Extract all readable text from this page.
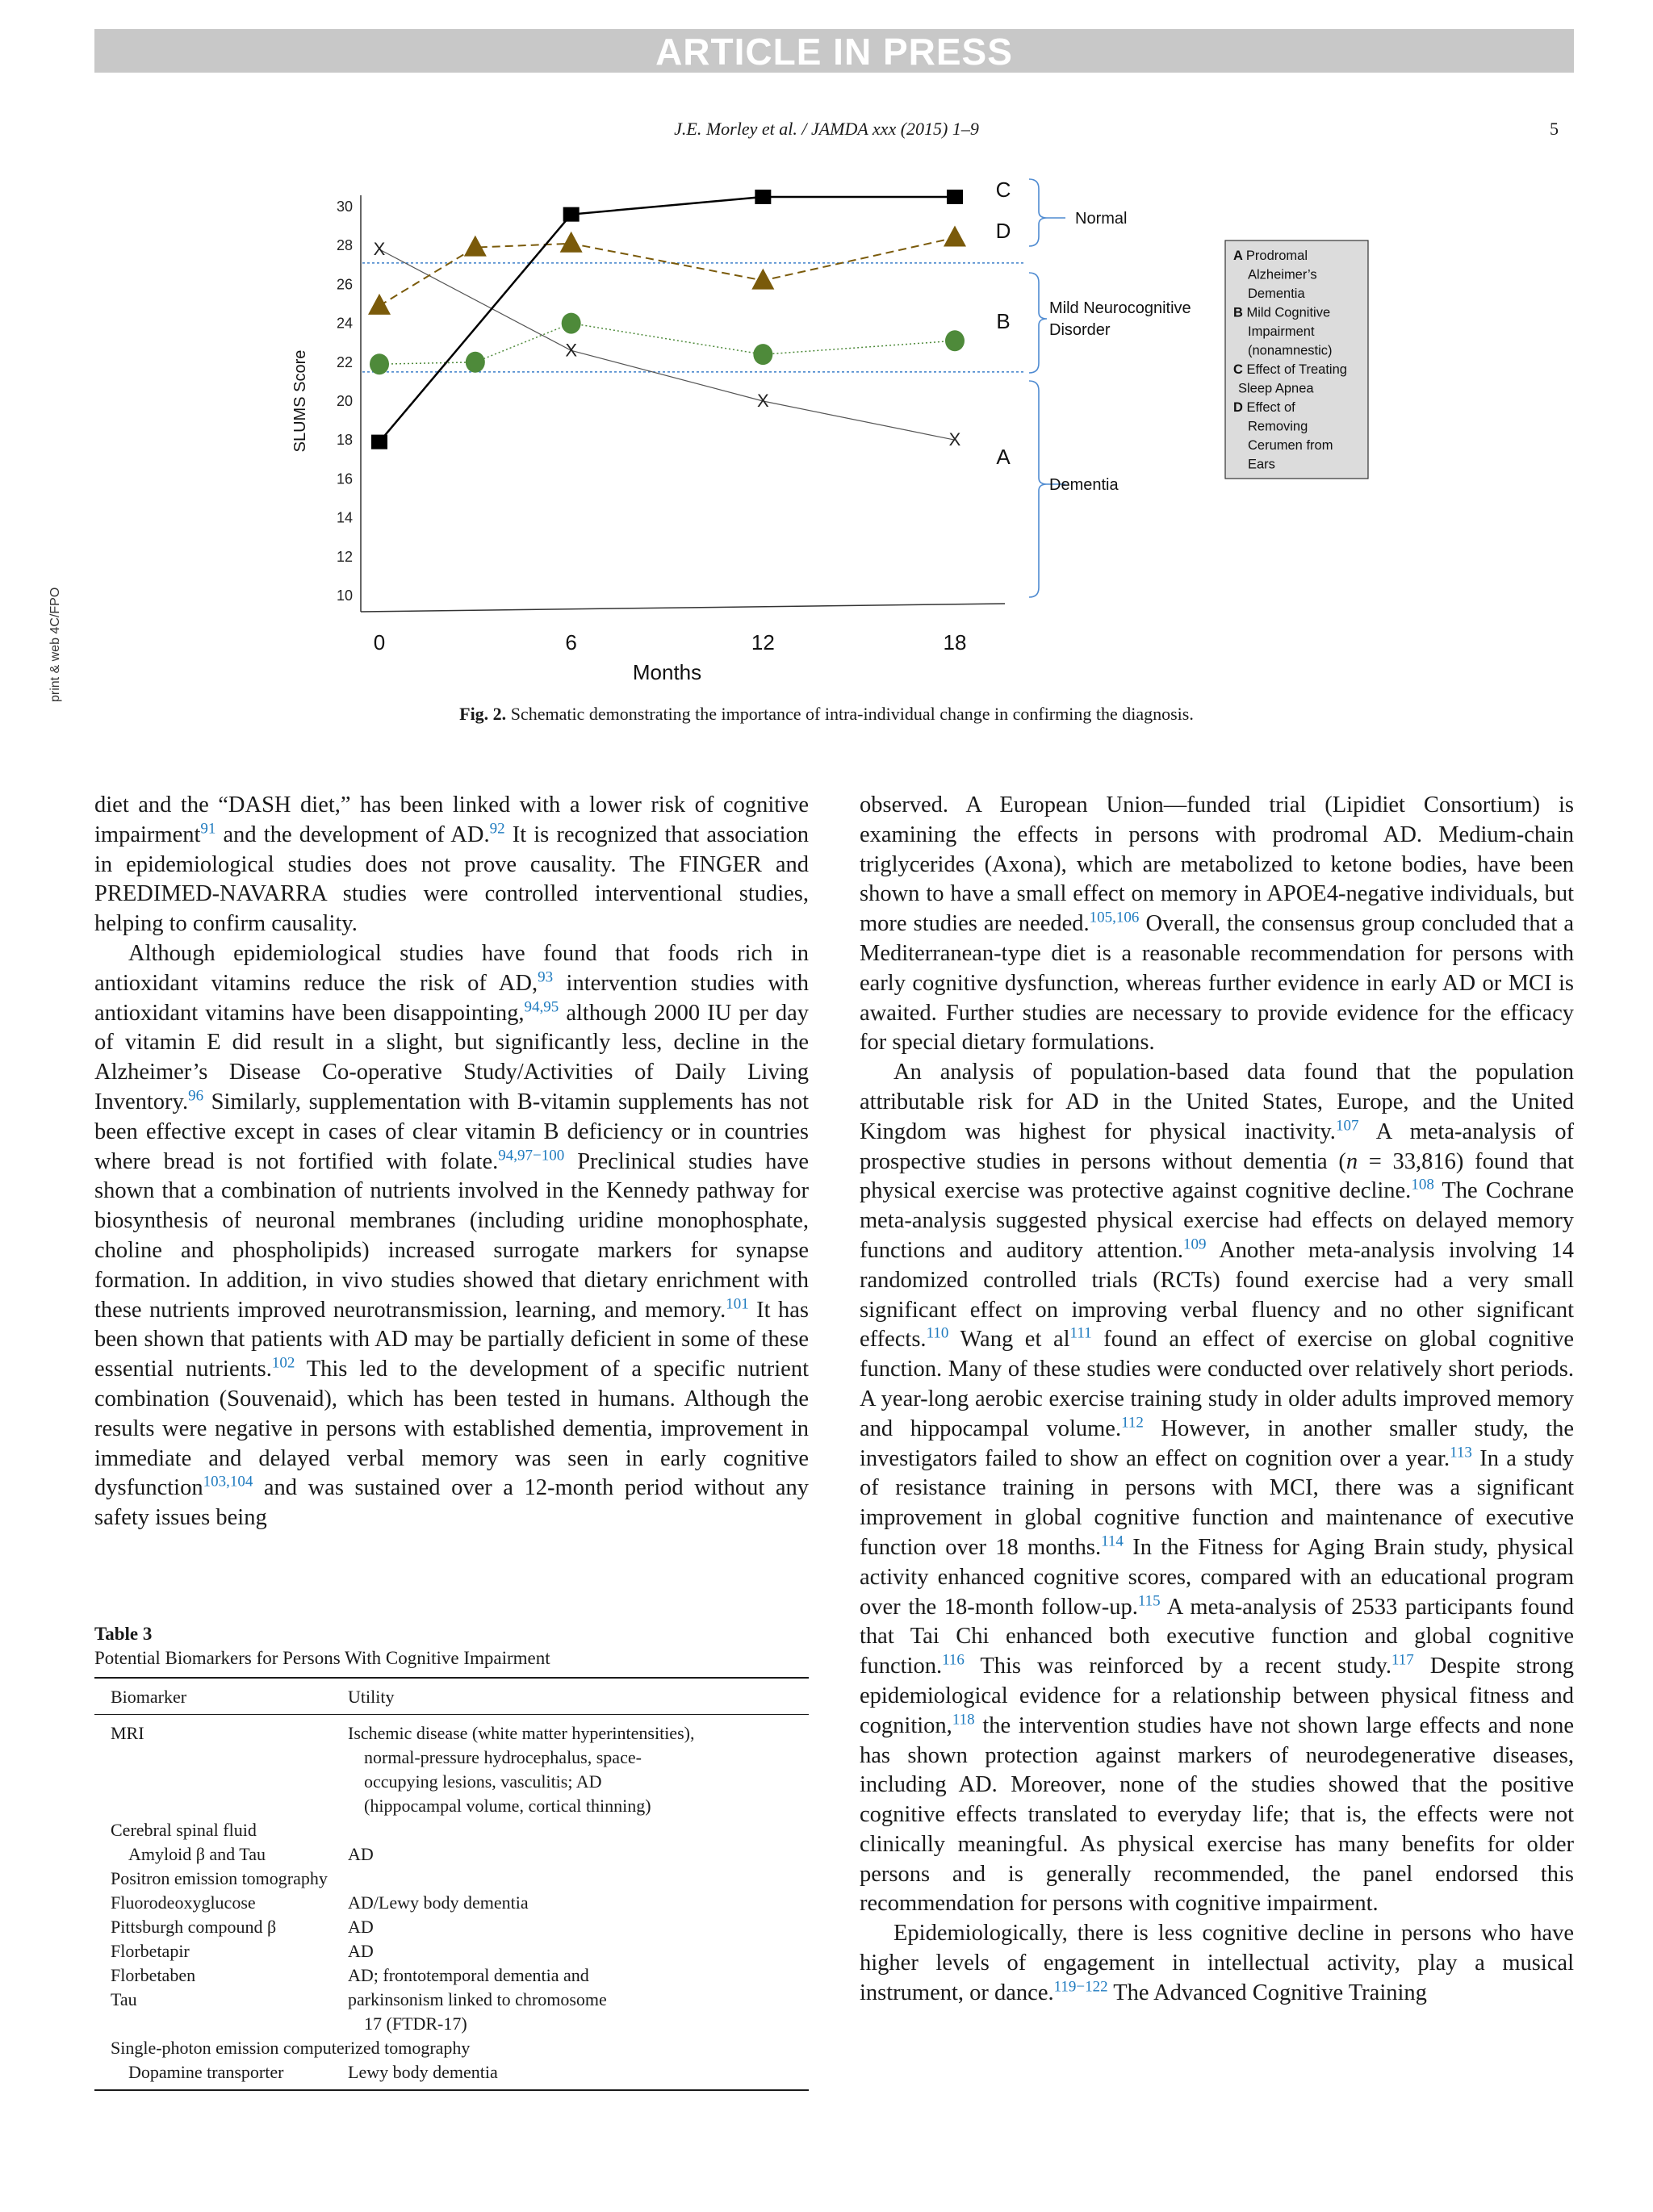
ARTICLE IN PRESS
J.E. Morley et al. / JAMDA xxx (2015) 1–9	5
print & web 4C/FPO	10
12
14
16
18
20
22
24
26
28
30
0	6	12	18
Months
SLUMS Score
X
X
X
X
C
D
B
A
Normal
Mild Neurocognitive
Disorder
Dementia
A Prodromal
Alzheimer’s
Dementia
B Mild Cognitive
Impairment
(nonamnestic)
C Effect of Treating
Sleep Apnea
D Effect of
Removing
Cerumen from
Ears
Fig. 2. Schematic demonstrating the importance of intra-individual change in confirming the diagnosis.

diet and the “DASH diet,” has been linked with a lower risk of cognitive impairment$^{91}$ and the development of AD.$^{92}$ It is recognized that association in epidemiological studies does not prove causality. The FINGER and PREDIMED-NAVARRA studies were controlled interventional studies, helping to confirm causality.

Although epidemiological studies have found that foods rich in antioxidant vitamins reduce the risk of AD,$^{93}$ intervention studies with antioxidant vitamins have been disappointing,$^{94,95}$ although 2000 IU per day of vitamin E did result in a slight, but significantly less, decline in the Alzheimer’s Disease Co-operative Study/Activities of Daily Living Inventory.$^{96}$ Similarly, supplementation with B-vitamin supplements has not been effective except in cases of clear vitamin B deficiency or in countries where bread is not fortified with folate.$^{94,97-100}$ Preclinical studies have shown that a combination of nutrients involved in the Kennedy pathway for biosynthesis of neuronal membranes (including uridine monophosphate, choline and phospholipids) increased surrogate markers for synapse formation. In addition, in vivo studies showed that dietary enrichment with these nutrients improved neurotransmission, learning, and memory.$^{101}$ It has been shown that patients with AD may be partially deficient in some of these essential nutrients.$^{102}$ This led to the development of a specific nutrient combination (Souvenaid), which has been tested in humans. Although the results were negative in persons with established dementia, improvement in immediate and delayed verbal memory was seen in early cognitive dysfunction$^{103,104}$ and was sustained over a 12-month period without any safety issues being

observed. A European Union—funded trial (Lipidiet Consortium) is examining the effects in persons with prodromal AD. Medium-chain triglycerides (Axona), which are metabolized to ketone bodies, have been shown to have a small effect on memory in APOE4-negative individuals, but more studies are needed.$^{105,106}$ Overall, the consensus group concluded that a Mediterranean-type diet is a reasonable recommendation for persons with early cognitive dysfunction, whereas further evidence in early AD or MCI is awaited. Further studies are necessary to provide evidence for the efficacy for special dietary formulations.

An analysis of population-based data found that the population attributable risk for AD in the United States, Europe, and the United Kingdom was highest for physical inactivity.$^{107}$ A meta-analysis of prospective studies in persons without dementia (n = 33,816) found that physical exercise was protective against cognitive decline.$^{108}$ The Cochrane meta-analysis suggested physical exercise had effects on delayed memory functions and auditory attention.$^{109}$ Another meta-analysis involving 14 randomized controlled trials (RCTs) found exercise had a very small significant effect on improving verbal fluency and no other significant effects.$^{110}$ Wang et $al^{111}$ found an effect of exercise on global cognitive function. Many of these studies were conducted over relatively short periods. A year-long aerobic exercise training study in older adults improved memory and hippocampal volume.$^{112}$ However, in another smaller study, the investigators failed to show an effect on cognition over a year.$^{113}$ In a study of resistance training in persons with MCI, there was a significant improvement in global cognitive function and maintenance of executive function over 18 months.$^{114}$ In the Fitness for Aging Brain study, physical activity enhanced cognitive scores, compared with an educational program over the 18-month follow-up.$^{115}$ A meta-analysis of 2533 participants found that Tai Chi enhanced both executive function and global cognitive function.$^{116}$ This was reinforced by a recent study.$^{117}$ Despite strong epidemiological evidence for a relationship between physical fitness and cognition,$^{118}$ the intervention studies have not shown large effects and none has shown protection against markers of neurodegenerative diseases, including AD. Moreover, none of the studies showed that the positive cognitive effects translated to everyday life; that is, the effects were not clinically meaningful. As physical exercise has many benefits for older persons and is generally recommended, the panel endorsed this recommendation for persons with cognitive impairment.

Epidemiologically, there is less cognitive decline in persons who have higher levels of engagement in intellectual activity, play a musical instrument, or dance.$^{119-122}$ The Advanced Cognitive Training

Table 3
Potential Biomarkers for Persons With Cognitive Impairment
Biomarker	Utility
MRI	Ischemic disease (white matter hyperintensities),
normal-pressure hydrocephalus, space-
occupying lesions, vasculitis; AD
(hippocampal volume, cortical thinning)
Cerebral spinal fluid
Amyloid β and Tau	AD
Positron emission tomography
Fluorodeoxyglucose	AD/Lewy body dementia
Pittsburgh compound β	AD
Florbetapir	AD
Florbetaben	AD; frontotemporal dementia and
Tau	parkinsonism linked to chromosome
17 (FTDR-17)
Single-photon emission computerized tomography
Dopamine transporter	Lewy body dementia
